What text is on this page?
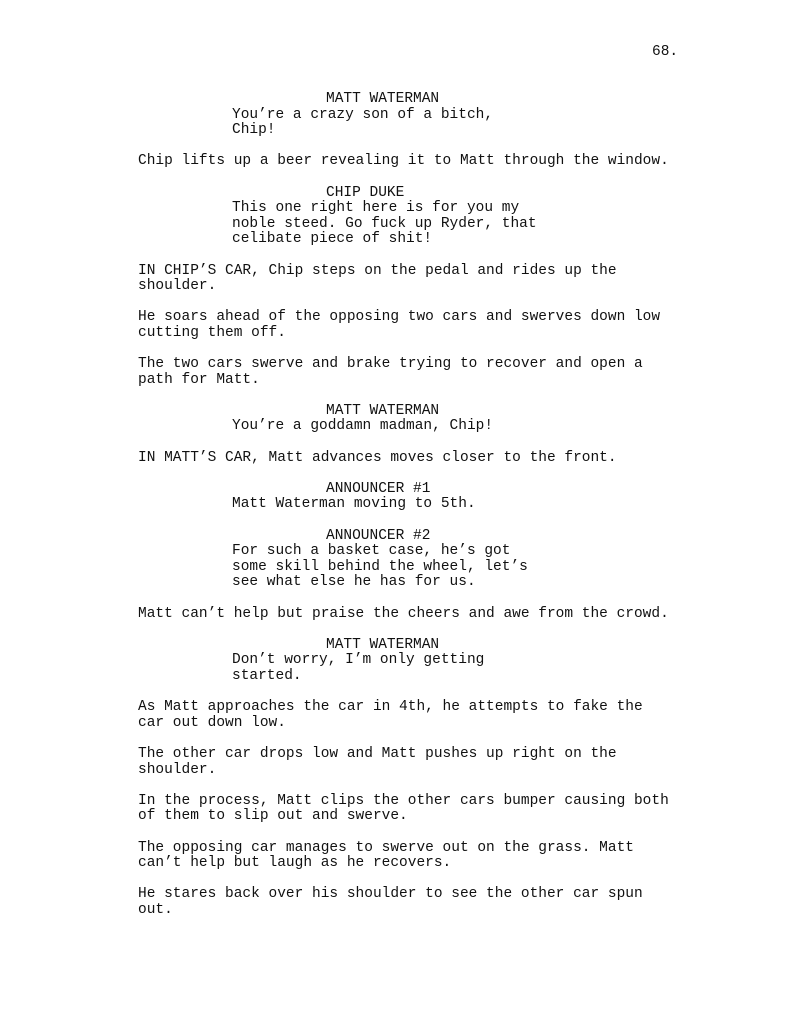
68.
MATT WATERMAN
You’re a crazy son of a bitch,
Chip!
Chip lifts up a beer revealing it to Matt through the window.
CHIP DUKE
This one right here is for you my
noble steed. Go fuck up Ryder, that
celibate piece of shit!
IN CHIP’S CAR, Chip steps on the pedal and rides up the
shoulder.
He soars ahead of the opposing two cars and swerves down low
cutting them off.
The two cars swerve and brake trying to recover and open a
path for Matt.
MATT WATERMAN
You’re a goddamn madman, Chip!
IN MATT’S CAR, Matt advances moves closer to the front.
ANNOUNCER #1
Matt Waterman moving to 5th.
ANNOUNCER #2
For such a basket case, he’s got
some skill behind the wheel, let’s
see what else he has for us.
Matt can’t help but praise the cheers and awe from the crowd.
MATT WATERMAN
Don’t worry, I’m only getting
started.
As Matt approaches the car in 4th, he attempts to fake the
car out down low.
The other car drops low and Matt pushes up right on the
shoulder.
In the process, Matt clips the other cars bumper causing both
of them to slip out and swerve.
The opposing car manages to swerve out on the grass. Matt
can’t help but laugh as he recovers.
He stares back over his shoulder to see the other car spun
out.
